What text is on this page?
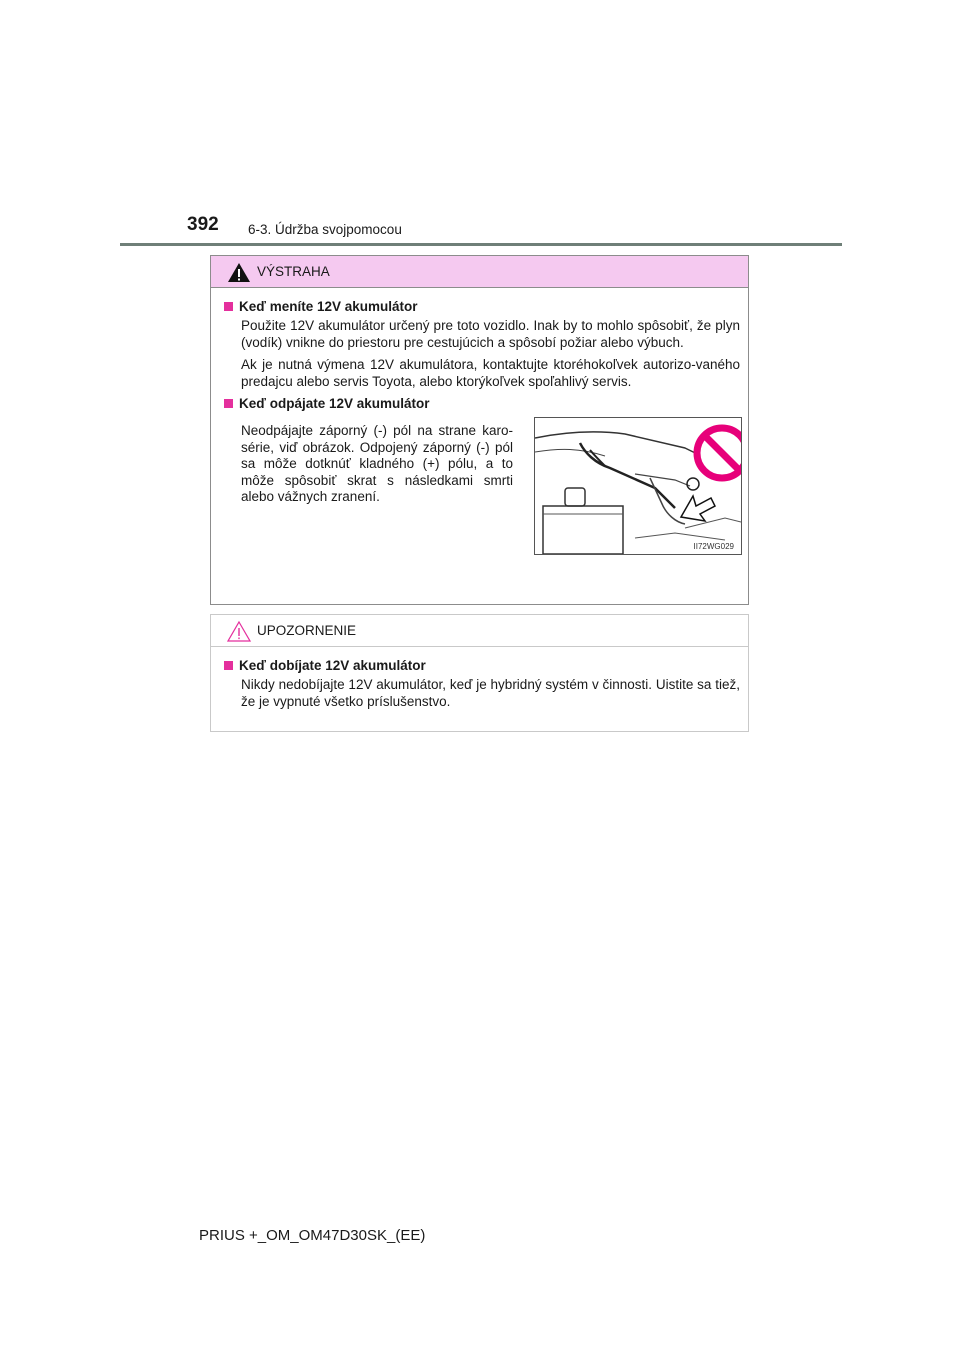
392 6-3. Údržba svojpomocou
VÝSTRAHA
Keď meníte 12V akumulátor

Použite 12V akumulátor určený pre toto vozidlo. Inak by to mohlo spôsobiť, že plyn (vodík) vnikne do priestoru pre cestujúcich a spôsobí požiar alebo výbuch.

Ak je nutná výmena 12V akumulátora, kontaktujte ktoréhokoľvek autorizo-vaného predajcu alebo servis Toyota, alebo ktorýkoľvek spoľahlivý servis.

Keď odpájate 12V akumulátor

Neodpájajte záporný (-) pól na strane karo-série, viď obrázok. Odpojený záporný (-) pól sa môže dotknúť kladného (+) pólu, a to môže spôsobiť skrat s následkami smrti alebo vážnych zranení.

II72WG029
UPOZORNENIE
Keď dobíjate 12V akumulátor

Nikdy nedobíjajte 12V akumulátor, keď je hybridný systém v činnosti. Uistite sa tiež, že je vypnuté všetko príslušenstvo.

PRIUS +_OM_OM47D30SK_(EE)
